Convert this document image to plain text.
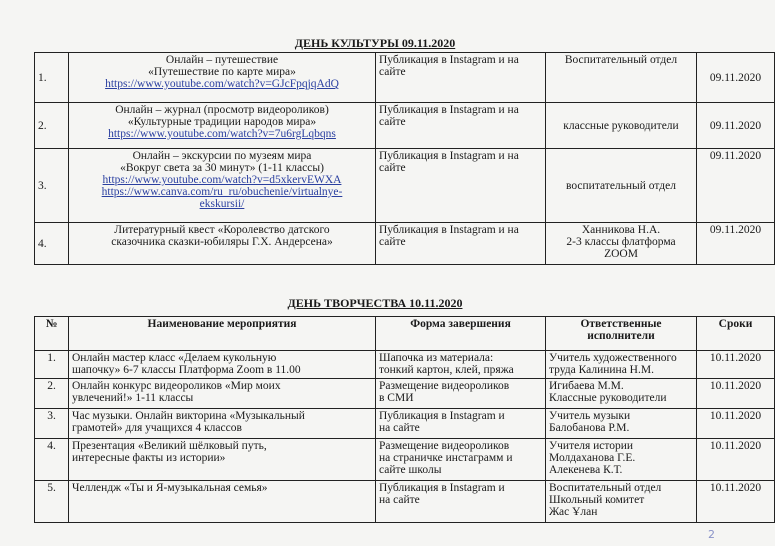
ДЕНЬ КУЛЬТУРЫ 09.11.2020
1.	Онлайн – путешествие
«Путешествие по карте мира»
https://www.youtube.com/watch?v=GJcFpqjqAdQ	Публикация в Instagram и на сайте	Воспитательный отдел	09.11.2020
2.	Онлайн – журнал (просмотр видеороликов)
«Культурные традиции народов мира»
https://www.youtube.com/watch?v=7u6rgLqbqns	Публикация в Instagram и на сайте	классные руководители	09.11.2020
3.	Онлайн – экскурсии по музеям мира
«Вокруг света за 30 минут» (1-11 классы)
https://www.youtube.com/watch?v=d5xkervEWXA
https://www.canva.com/ru_ru/obuchenie/virtualnye-
ekskursii/	Публикация в Instagram и на сайте	воспитательный отдел	09.11.2020
4.	Литературный квест «Королевство датского
сказочника сказки-юбиляры Г.Х. Андерсена»	Публикация в Instagram и на сайте	Ханникова Н.А.
2-3 классы флатформа
ZOOM	09.11.2020
ДЕНЬ ТВОРЧЕСТВА 10.11.2020
№	Наименование мероприятия	Форма завершения	Ответственные
исполнители	Сроки
1.	Онлайн мастер класс «Делаем кукольную
шапочку» 6-7 классы Платформа Zoom в 11.00	Шапочка из материала:
тонкий картон, клей, пряжа	Учитель художественного
труда Калинина Н.М.	10.11.2020
2.	Онлайн конкурс видеороликов «Мир моих
увлечений!» 1-11 классы	Размещение видеороликов
в СМИ	Игибаева М.М.
Классные руководители	10.11.2020
3.	Час музыки. Онлайн викторина «Музыкальный
грамотей» для учащихся 4 классов	Публикация в Instagram и
на сайте	Учитель музыки
Балобанова Р.М.	10.11.2020
4.	Презентация «Великий шёлковый путь,
интересные факты из истории»	Размещение видеороликов
на страничке инстаграмм и
сайте школы	Учителя истории
Молдаханова Г.Е.
Алекенева К.Т.	10.11.2020
5.	Челлендж «Ты и Я-музыкальная семья»	Публикация в Instagram и
на сайте	Воспитательный отдел
Школьный комитет
Жас Ұлан	10.11.2020
2
